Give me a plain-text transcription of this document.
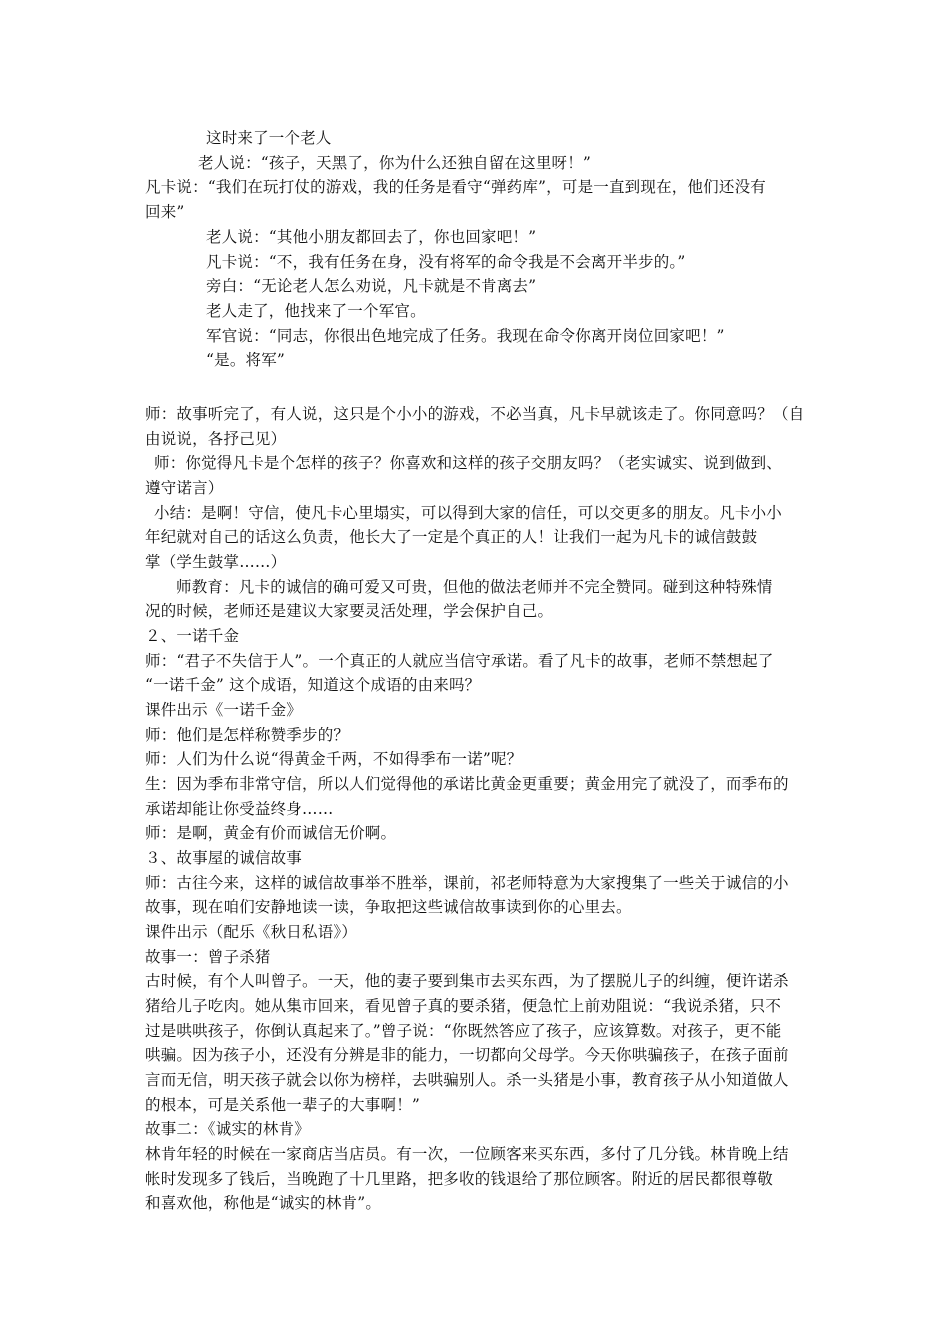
这时来了一个老人
老人说：“孩子，天黑了，你为什么还独自留在这里呀！”
凡卡说：“我们在玩打仗的游戏，我的任务是看守“弹药库”，可是一直到现在，他们还没有
回来”
老人说：“其他小朋友都回去了，你也回家吧！”
凡卡说：“不，我有任务在身，没有将军的命令我是不会离开半步的。”
旁白：“无论老人怎么劝说，凡卡就是不肯离去”
老人走了，他找来了一个军官。
军官说：“同志，你很出色地完成了任务。我现在命令你离开岗位回家吧！”
“是。将军”
师：故事听完了，有人说，这只是个小小的游戏，不必当真，凡卡早就该走了。你同意吗？（自
由说说，各抒己见）
师：你觉得凡卡是个怎样的孩子？你喜欢和这样的孩子交朋友吗？（老实诚实、说到做到、
遵守诺言）
小结：是啊！守信，使凡卡心里塌实，可以得到大家的信任，可以交更多的朋友。凡卡小小
年纪就对自己的话这么负责，他长大了一定是个真正的人！让我们一起为凡卡的诚信鼓鼓
掌（学生鼓掌……）
师教育：凡卡的诚信的确可爱又可贵，但他的做法老师并不完全赞同。碰到这种特殊情
况的时候，老师还是建议大家要灵活处理，学会保护自己。
２、一诺千金
师：“君子不失信于人”。一个真正的人就应当信守承诺。看了凡卡的故事，老师不禁想起了
“一诺千金” 这个成语，知道这个成语的由来吗？
课件出示《一诺千金》
师：他们是怎样称赞季步的？
师：人们为什么说“得黄金千两，不如得季布一诺”呢？
生：因为季布非常守信，所以人们觉得他的承诺比黄金更重要；黄金用完了就没了，而季布的
承诺却能让你受益终身……
师：是啊，黄金有价而诚信无价啊。
３、故事屋的诚信故事
师：古往今来，这样的诚信故事举不胜举，课前，祁老师特意为大家搜集了一些关于诚信的小
故事，现在咱们安静地读一读，争取把这些诚信故事读到你的心里去。
课件出示（配乐《秋日私语》）
故事一：曾子杀猪
古时候，有个人叫曾子。一天，他的妻子要到集市去买东西，为了摆脱儿子的纠缠，便许诺杀
猪给儿子吃肉。她从集市回来，看见曾子真的要杀猪，便急忙上前劝阻说：“我说杀猪，只不
过是哄哄孩子，你倒认真起来了。”曾子说：“你既然答应了孩子，应该算数。对孩子，更不能
哄骗。因为孩子小，还没有分辨是非的能力，一切都向父母学。今天你哄骗孩子，在孩子面前
言而无信，明天孩子就会以你为榜样，去哄骗别人。杀一头猪是小事，教育孩子从小知道做人
的根本，可是关系他一辈子的大事啊！”
故事二：《诚实的林肯》
林肯年轻的时候在一家商店当店员。有一次，一位顾客来买东西，多付了几分钱。林肯晚上结
帐时发现多了钱后，当晚跑了十几里路，把多收的钱退给了那位顾客。附近的居民都很尊敬
和喜欢他，称他是“诚实的林肯”。
